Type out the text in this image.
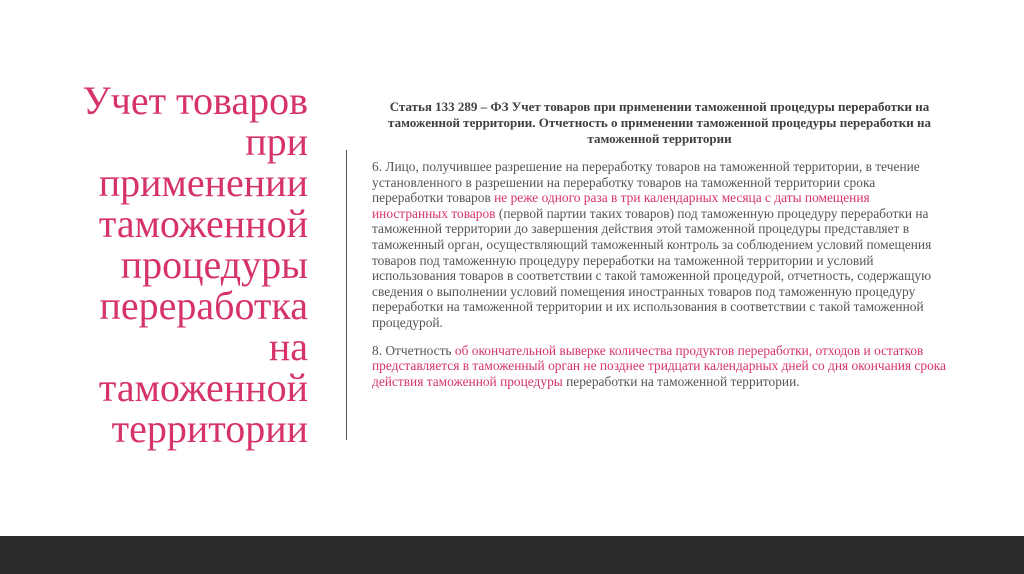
Учет товаров
при
применении
таможенной
процедуры
переработка
на
таможенной
территории

Статья 133 289 – ФЗ Учет товаров при применении таможенной процедуры переработки на таможенной территории. Отчетность о применении таможенной процедуры переработки на таможенной территории

6. Лицо, получившее разрешение на переработку товаров на таможенной территории, в течение установленного в разрешении на переработку товаров на таможенной территории срока переработки товаров не реже одного раза в три календарных месяца с даты помещения иностранных товаров (первой партии таких товаров) под таможенную процедуру переработки на таможенной территории до завершения действия этой таможенной процедуры представляет в таможенный орган, осуществляющий таможенный контроль за соблюдением условий помещения товаров под таможенную процедуру переработки на таможенной территории и условий использования товаров в соответствии с такой таможенной процедурой, отчетность, содержащую сведения о выполнении условий помещения иностранных товаров под таможенную процедуру переработки на таможенной территории и их использования в соответствии с такой таможенной процедурой.

8. Отчетность об окончательной выверке количества продуктов переработки, отходов и остатков представляется в таможенный орган не позднее тридцати календарных дней со дня окончания срока действия таможенной процедуры переработки на таможенной территории.
